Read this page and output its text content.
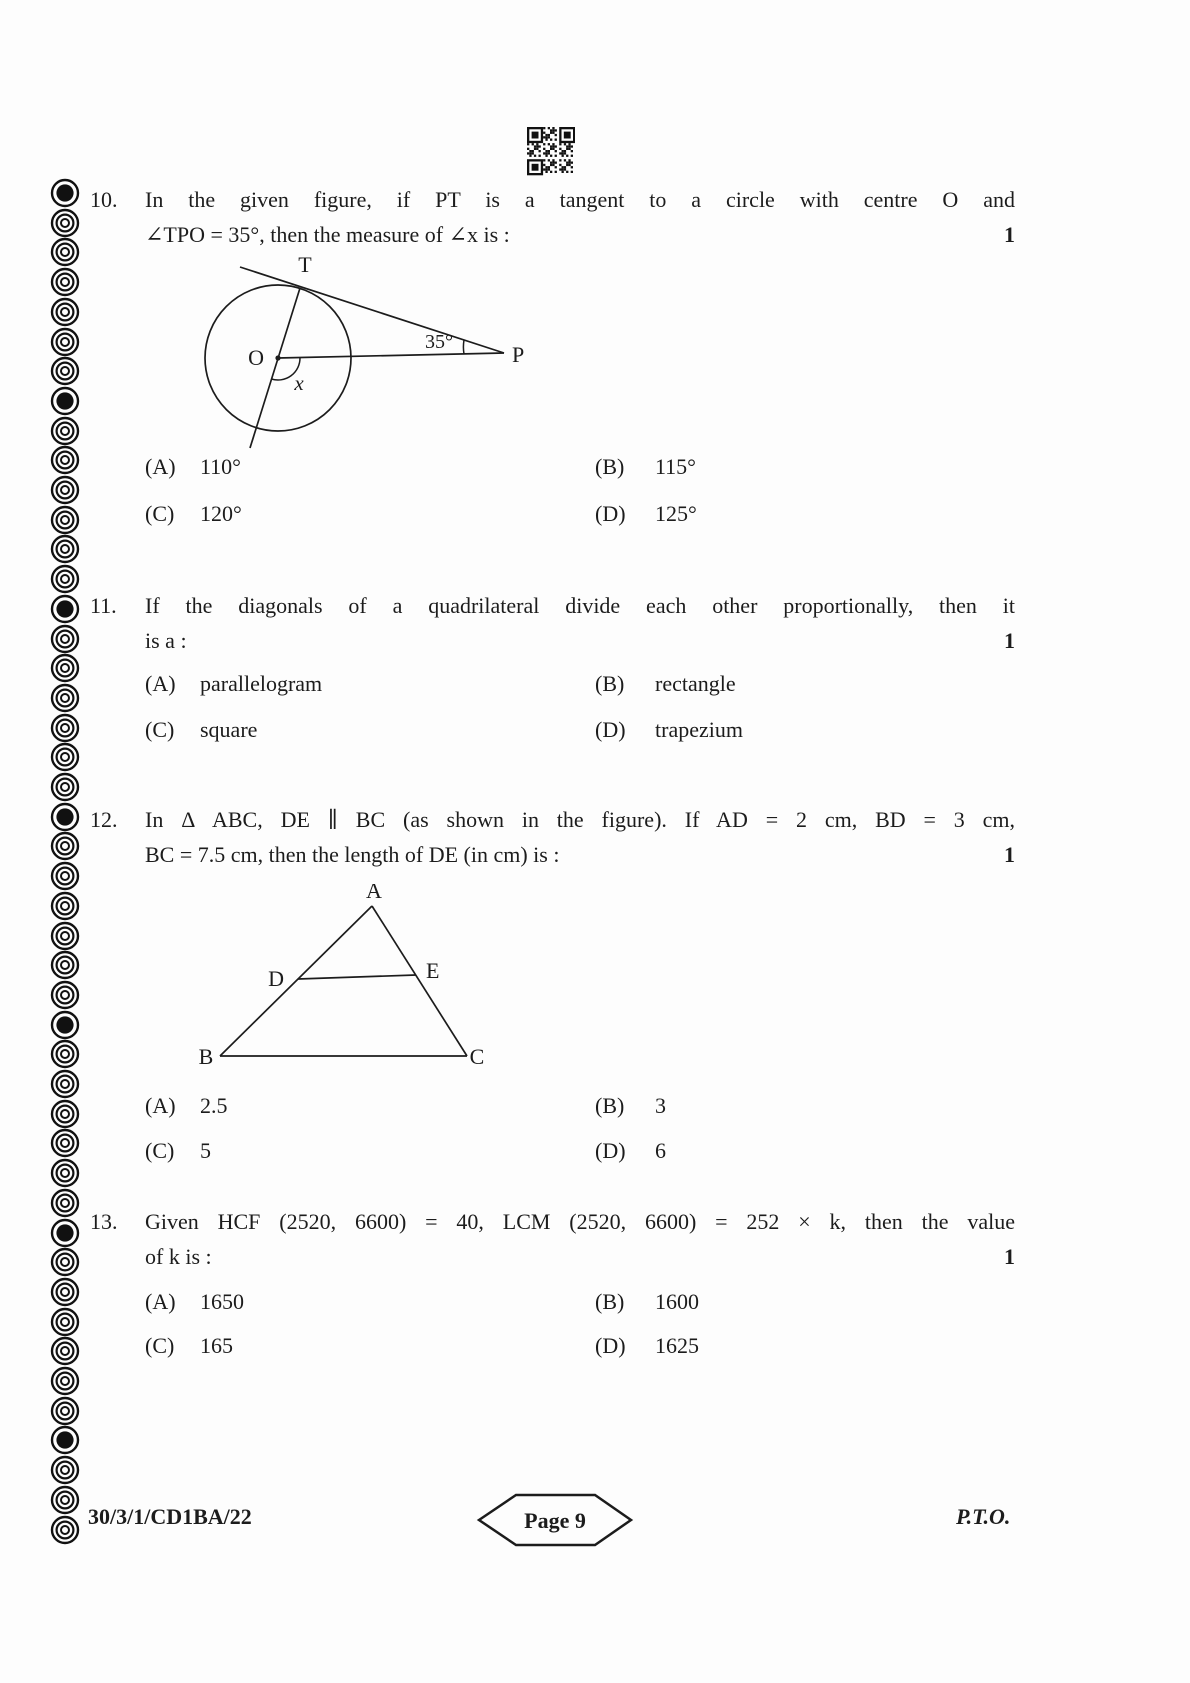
10. In the given figure, if PT is a tangent to a circle with centre O and
∠TPO = 35°, then the measure of ∠x is :	1
T
O	P
35°
x
(A) 110°	(B) 115°
(C) 120°	(D) 125°
11. If the diagonals of a quadrilateral divide each other proportionally, then it
is a :	1
(A) parallelogram	(B) rectangle
(C) square	(D) trapezium
12. In Δ ABC, DE ∥ BC (as shown in the figure). If AD = 2 cm, BD = 3 cm,
BC = 7.5 cm, then the length of DE (in cm) is :	1
A
B	C
D	E
(A) 2.5	(B) 3
(C) 5	(D) 6
13. Given HCF (2520, 6600) = 40, LCM (2520, 6600) = 252 × k, then the value
of k is :	1
(A) 1650	(B) 1600
(C) 165	(D) 1625
30/3/1/CD1BA/22	Page 9	P.T.O.
